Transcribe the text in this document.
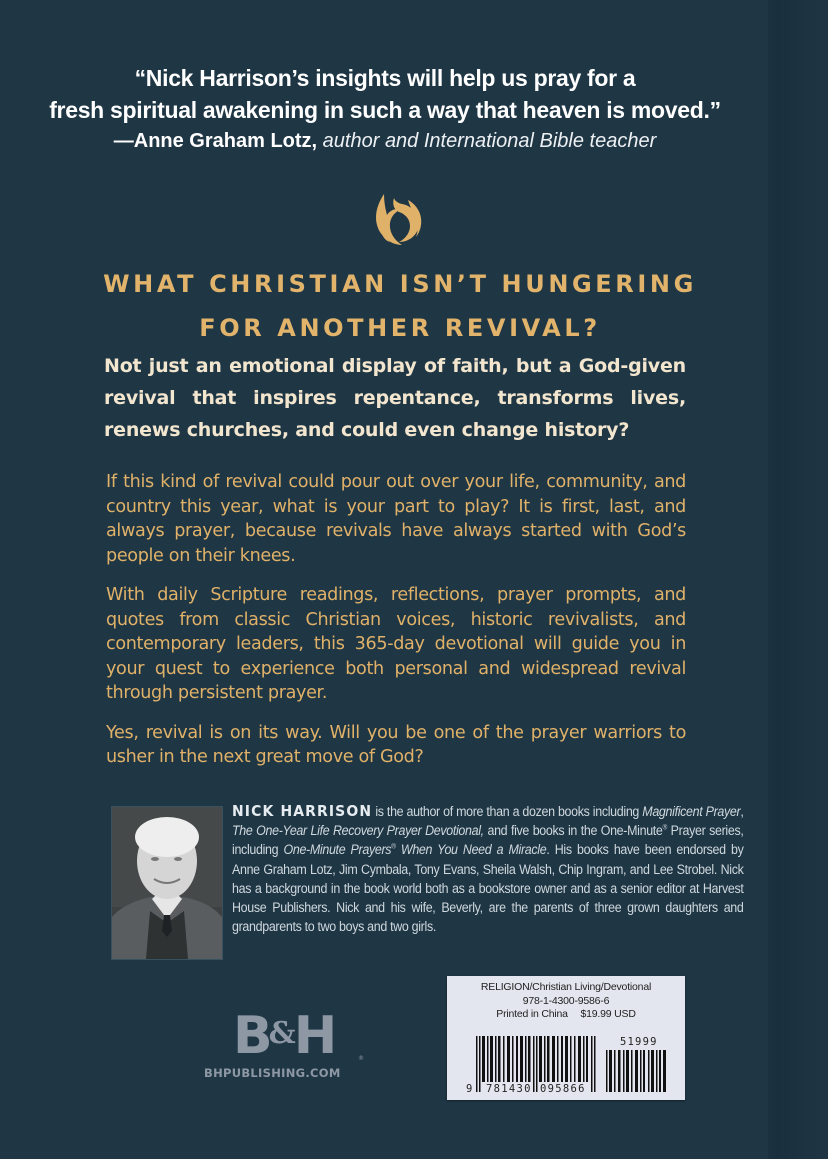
“Nick Harrison’s insights will help us pray for a
fresh spiritual awakening in such a way that heaven is moved.”
—Anne Graham Lotz, author and International Bible teacher
WHAT CHRISTIAN ISN’T HUNGERING
FOR ANOTHER REVIVAL?
Not just an emotional display of faith, but a God-given revival that inspires repentance, transforms lives, renews churches, and could even change history?

If this kind of revival could pour out over your life, community, and country this year, what is your part to play? It is first, last, and always prayer, because revivals have always started with God’s people on their knees.

With daily Scripture readings, reflections, prayer prompts, and quotes from classic Christian voices, historic revivalists, and contemporary leaders, this 365-day devotional will guide you in your quest to experience both personal and widespread revival through persistent prayer.

Yes, revival is on its way. Will you be one of the prayer warriors to usher in the next great move of God?

NICK HARRISON is the author of more than a dozen books including Magnificent Prayer, The One-Year Life Recovery Prayer Devotional, and five books in the One-Minute® Prayer series, including One-Minute Prayers® When You Need a Miracle. His books have been endorsed by Anne Graham Lotz, Jim Cymbala, Tony Evans, Sheila Walsh, Chip Ingram, and Lee Strobel. Nick has a background in the book world both as a bookstore owner and as a senior editor at Harvest House Publishers. Nick and his wife, Beverly, are the parents of three grown daughters and grandparents to two boys and two girls.
RELIGION/Christian Living/Devotional
978-1-4300-9586-6
Printed in China $19.99 USD
9 781430 095866
51999
B&H	®
BHPUBLISHING.COM
